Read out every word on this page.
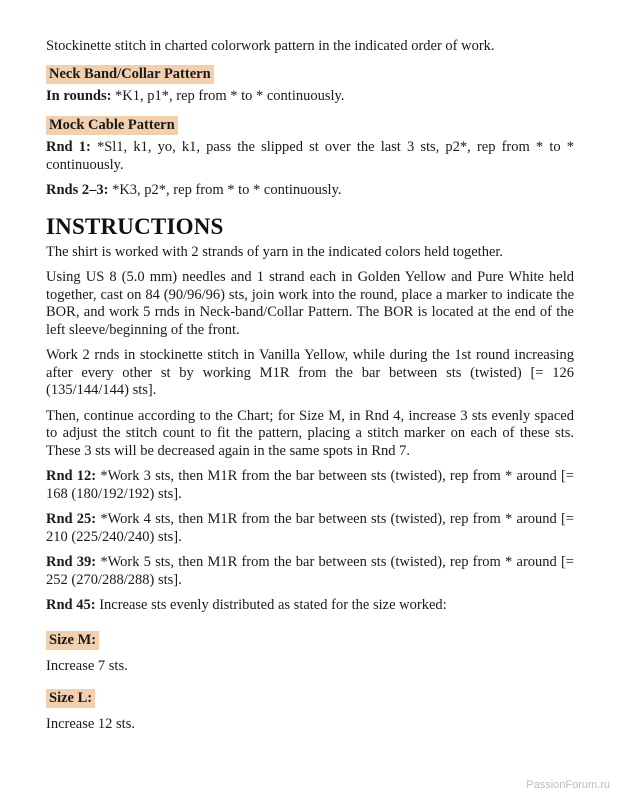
Stockinette stitch in charted colorwork pattern in the indicated order of work.

Neck Band/Collar Pattern

In rounds: *K1, p1*, rep from * to * continuously.

Mock Cable Pattern

Rnd 1: *Sl1, k1, yo, k1, pass the slipped st over the last 3 sts, p2*, rep from * to * continuously.

Rnds 2–3: *K3, p2*, rep from * to * continuously.

INSTRUCTIONS

The shirt is worked with 2 strands of yarn in the indicated colors held together.

Using US 8 (5.0 mm) needles and 1 strand each in Golden Yellow and Pure White held together, cast on 84 (90/96/96) sts, join work into the round, place a marker to indicate the BOR, and work 5 rnds in Neck-band/Collar Pattern. The BOR is located at the end of the left sleeve/beginning of the front.

Work 2 rnds in stockinette stitch in Vanilla Yellow, while during the 1st round increasing after every other st by working M1R from the bar between sts (twisted) [= 126 (135/144/144) sts].

Then, continue according to the Chart; for Size M, in Rnd 4, increase 3 sts evenly spaced to adjust the stitch count to fit the pattern, placing a stitch marker on each of these sts. These 3 sts will be decreased again in the same spots in Rnd 7.

Rnd 12: *Work 3 sts, then M1R from the bar between sts (twisted), rep from * around [= 168 (180/192/192) sts].

Rnd 25: *Work 4 sts, then M1R from the bar between sts (twisted), rep from * around [= 210 (225/240/240) sts].

Rnd 39: *Work 5 sts, then M1R from the bar between sts (twisted), rep from * around [= 252 (270/288/288) sts].

Rnd 45: Increase sts evenly distributed as stated for the size worked:

Size M:

Increase 7 sts.

Size L:

Increase 12 sts.

PassionForum.ru
